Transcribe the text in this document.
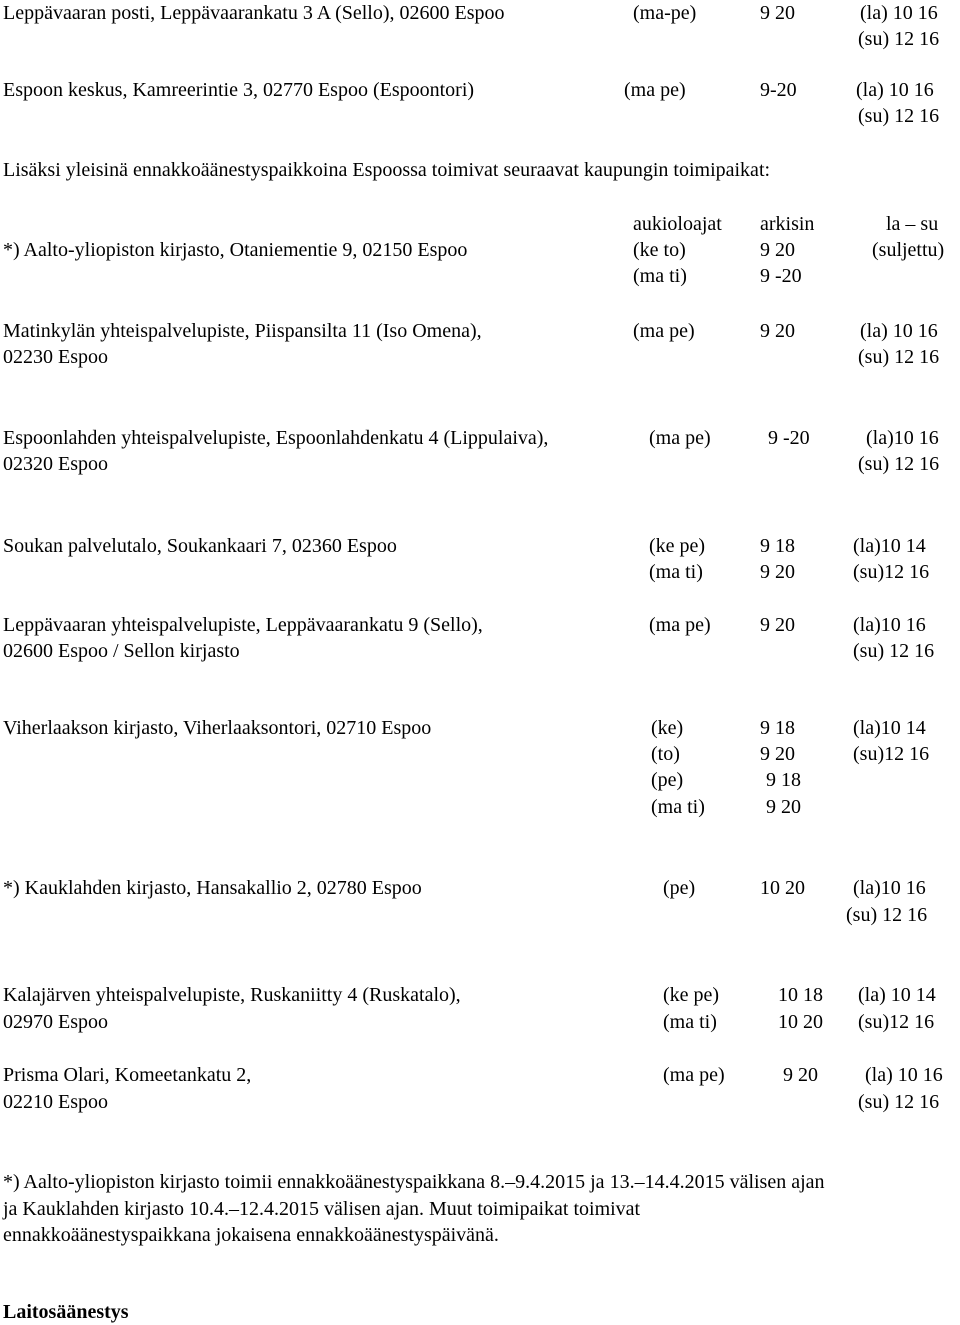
Leppävaaran posti, Leppävaarankatu 3 A (Sello), 02600 Espoo	(ma-pe)	9 20	(la) 10 16
(su) 12 16
Espoon keskus, Kamreerintie 3, 02770 Espoo (Espoontori)	(ma pe)	9-20	(la) 10 16
(su) 12 16
Lisäksi yleisinä ennakkoäänestyspaikkoina Espoossa toimivat seuraavat kaupungin toimipaikat:
aukioloajat arkisin	la – su
*) Aalto-yliopiston kirjasto, Otaniementie 9, 02150 Espoo	(ke to)	9 20	(suljettu)
(ma ti)	9 -20
Matinkylän yhteispalvelupiste, Piispansilta 11 (Iso Omena),
02230 Espoo
(ma pe)	9 20	(la) 10 16
(su) 12 16
Espoonlahden yhteispalvelupiste, Espoonlahdenkatu 4 (Lippulaiva),
02320 Espoo
(ma pe)	9 -20	(la)10 16
(su) 12 16
Soukan palvelutalo, Soukankaari 7, 02360 Espoo	(ke pe)	9 18	(la)10 14
(ma ti)	9 20	(su)12 16
Leppävaaran yhteispalvelupiste, Leppävaarankatu 9 (Sello),
02600 Espoo / Sellon kirjasto
(ma pe) 9 20	(la)10 16
(su) 12 16
Viherlaakson kirjasto, Viherlaaksontori, 02710 Espoo	(ke)	9 18	(la)10 14
(to)	9 20	(su)12 16
(pe)	9 18
(ma ti)	9 20
*) Kauklahden kirjasto, Hansakallio 2, 02780 Espoo	(pe)	10 20 (la)10 16
(su) 12 16
Kalajärven yhteispalvelupiste, Ruskaniitty 4 (Ruskatalo),
02970 Espoo
(ke pe)	10 18 (la) 10 14
(ma ti)	10 20 (su)12 16
Prisma Olari, Komeetankatu 2,
02210 Espoo
(ma pe)	9 20 (la) 10 16
(su) 12 16
*) Aalto-yliopiston kirjasto toimii ennakkoäänestyspaikkana 8.–9.4.2015 ja 13.–14.4.2015 välisen ajan
ja Kauklahden kirjasto 10.4.–12.4.2015 välisen ajan. Muut toimipaikat toimivat
ennakkoäänestyspaikkana jokaisena ennakkoäänestyspäivänä.
Laitosäänestys
